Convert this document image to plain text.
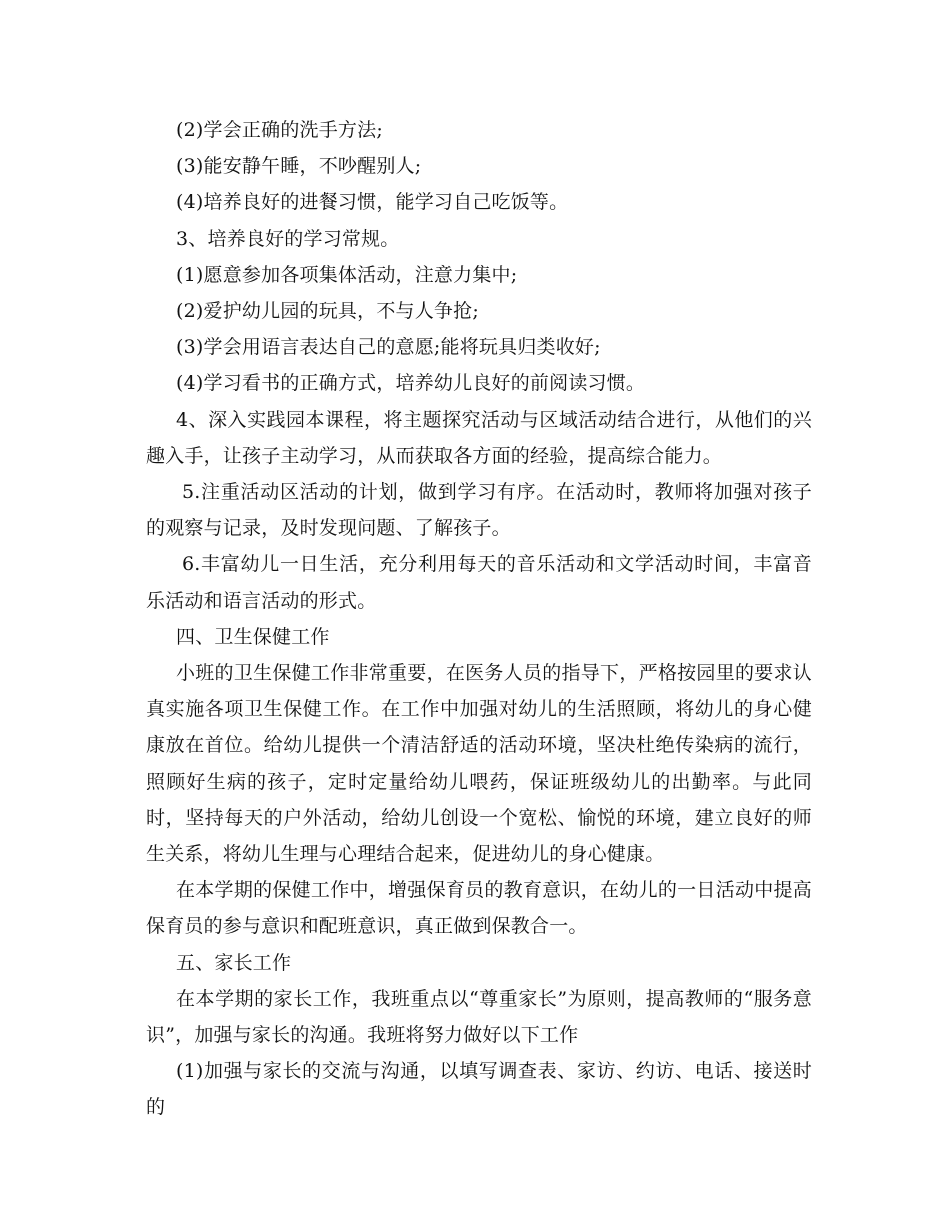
(2)学会正确的洗手方法;

(3)能安静午睡，不吵醒别人;

(4)培养良好的进餐习惯，能学习自己吃饭等。

3、培养良好的学习常规。

(1)愿意参加各项集体活动，注意力集中;

(2)爱护幼儿园的玩具，不与人争抢;

(3)学会用语言表达自己的意愿;能将玩具归类收好;

(4)学习看书的正确方式，培养幼儿良好的前阅读习惯。

4、深入实践园本课程，将主题探究活动与区域活动结合进行，从他们的兴趣入手，让孩子主动学习，从而获取各方面的经验，提高综合能力。

5.注重活动区活动的计划，做到学习有序。在活动时，教师将加强对孩子的观察与记录，及时发现问题、了解孩子。

6.丰富幼儿一日生活，充分利用每天的音乐活动和文学活动时间，丰富音乐活动和语言活动的形式。

四、卫生保健工作

小班的卫生保健工作非常重要，在医务人员的指导下，严格按园里的要求认真实施各项卫生保健工作。在工作中加强对幼儿的生活照顾，将幼儿的身心健康放在首位。给幼儿提供一个清洁舒适的活动环境，坚决杜绝传染病的流行，照顾好生病的孩子，定时定量给幼儿喂药，保证班级幼儿的出勤率。与此同时，坚持每天的户外活动，给幼儿创设一个宽松、愉悦的环境，建立良好的师生关系，将幼儿生理与心理结合起来，促进幼儿的身心健康。

在本学期的保健工作中，增强保育员的教育意识，在幼儿的一日活动中提高保育员的参与意识和配班意识，真正做到保教合一。

五、家长工作

在本学期的家长工作，我班重点以“尊重家长”为原则，提高教师的“服务意识”，加强与家长的沟通。我班将努力做好以下工作

(1)加强与家长的交流与沟通，以填写调查表、家访、约访、电话、接送时的
